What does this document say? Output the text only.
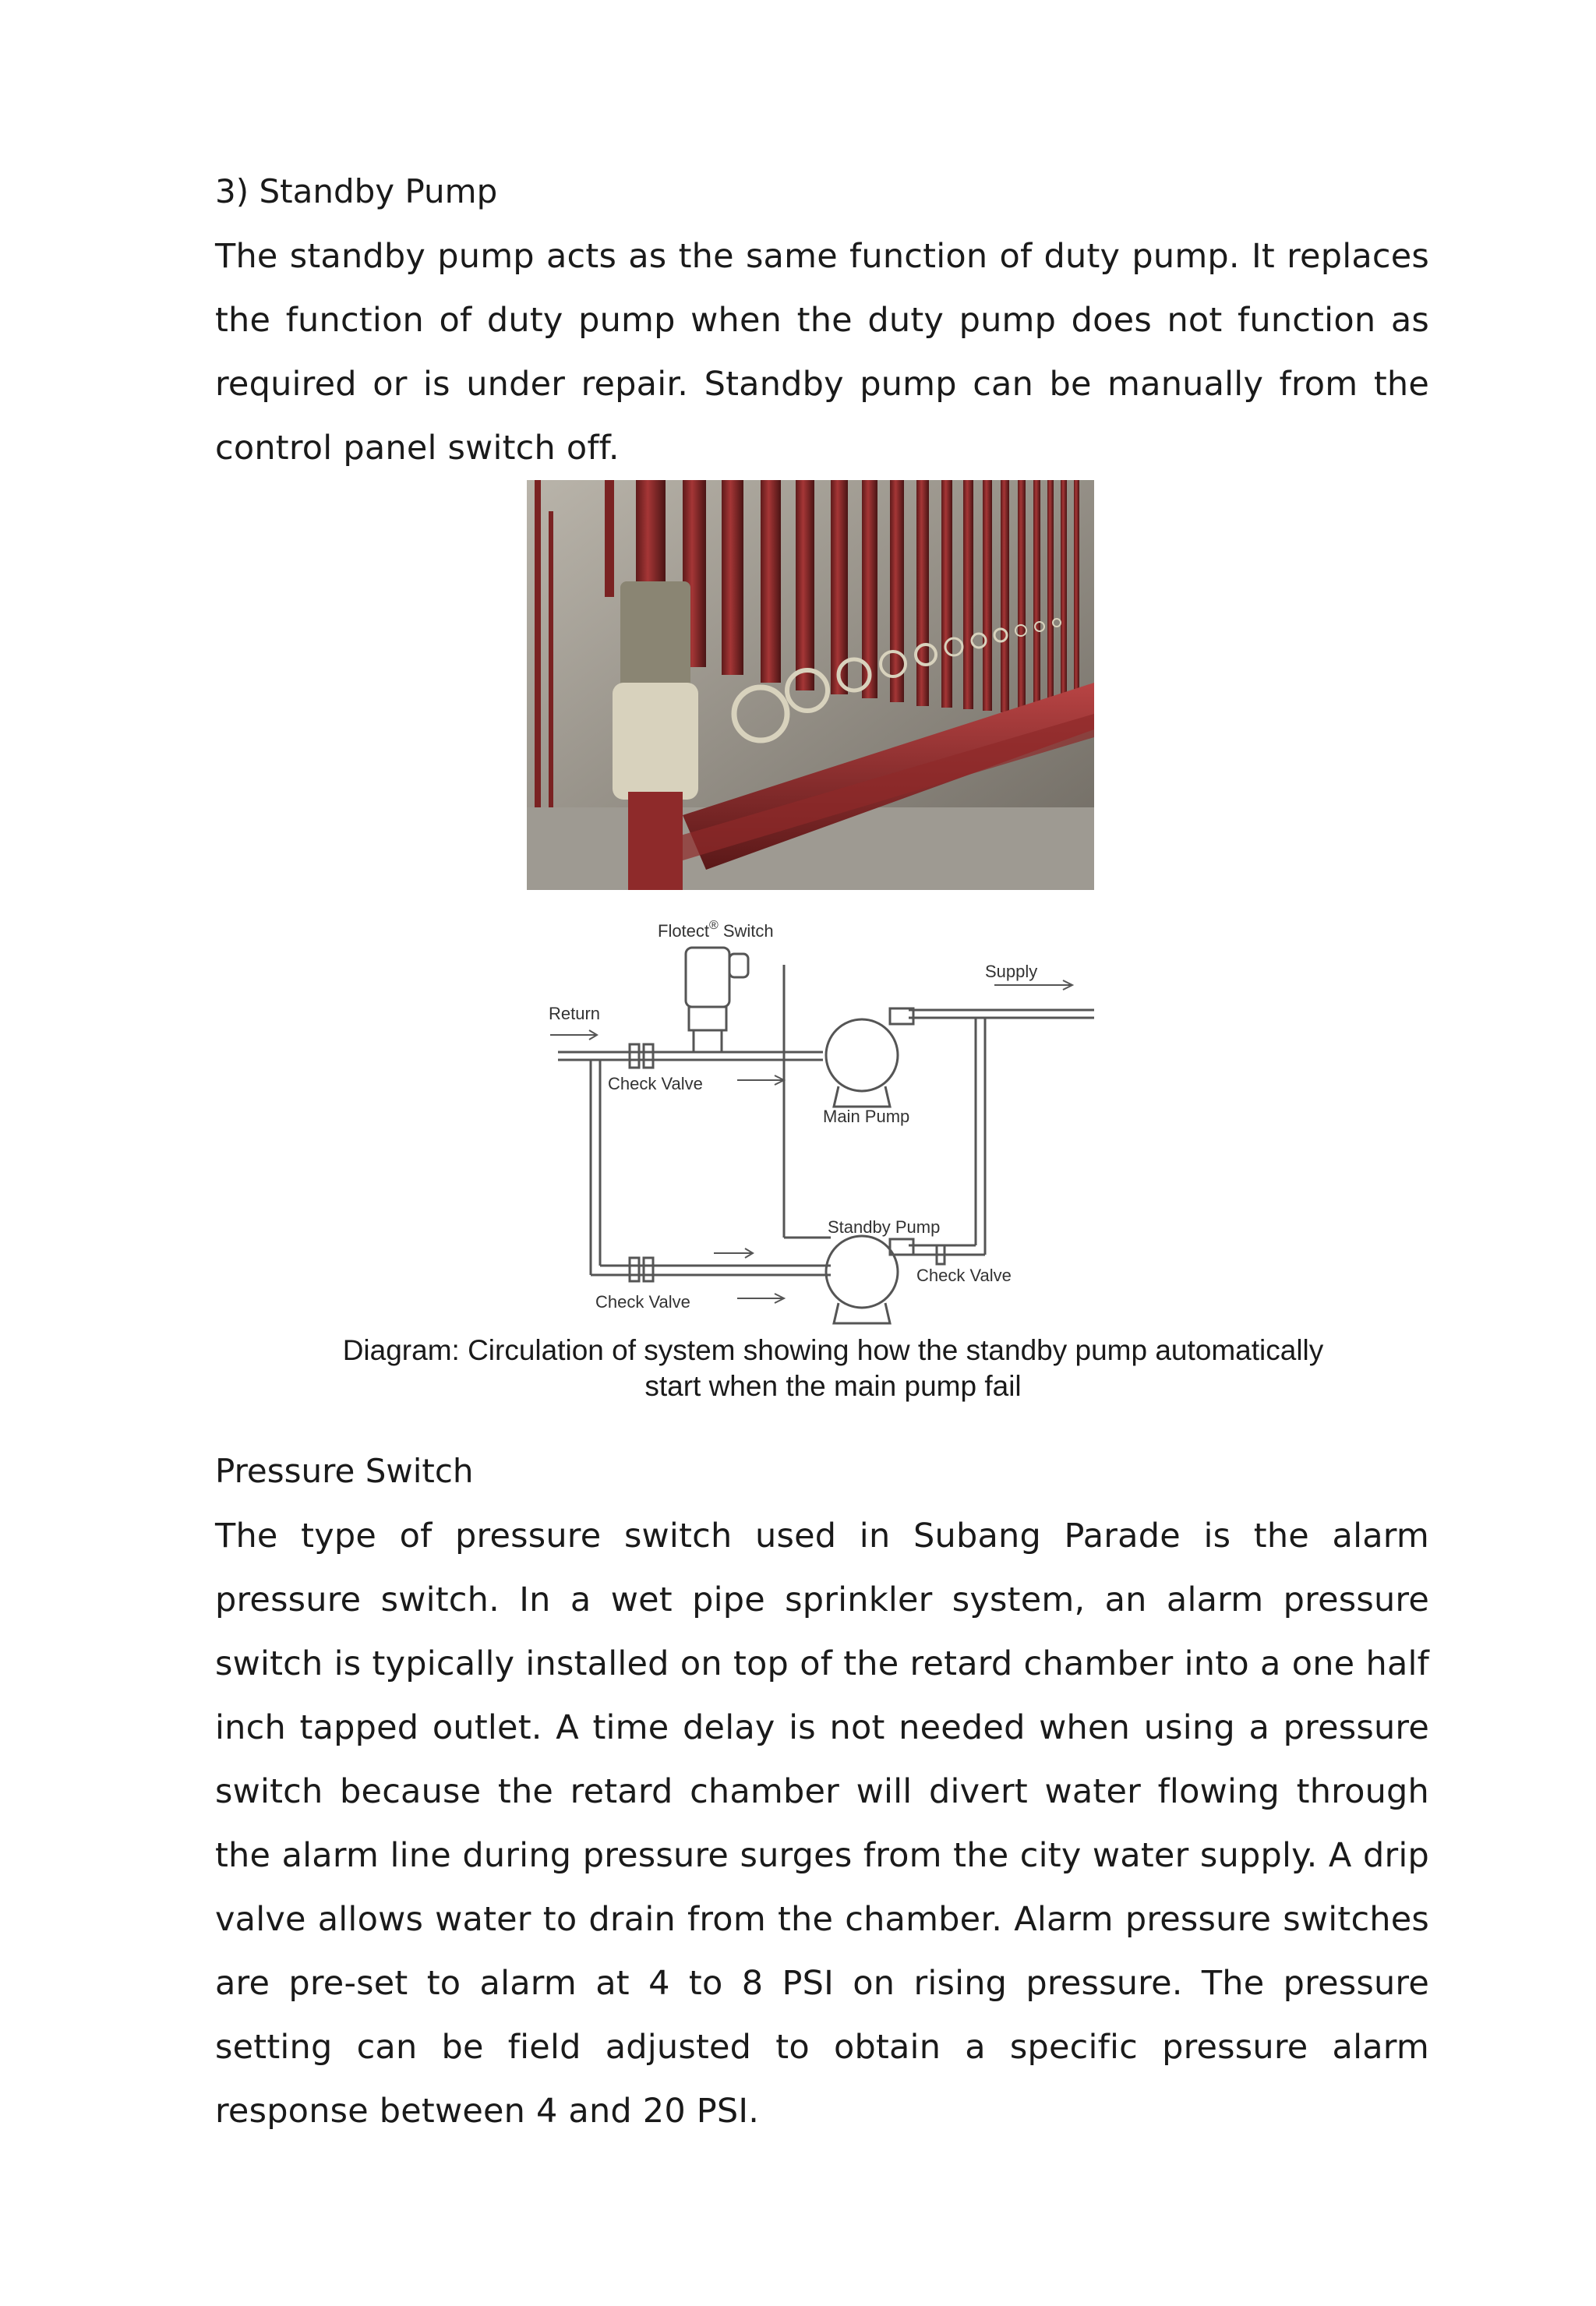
3) Standby Pump

The standby pump acts as the same function of duty pump. It replaces the function of duty pump when the duty pump does not function as required or is under repair. Standby pump can be manually from the control panel switch off.

Flotect® Switch
Return
Supply
Check Valve
Main Pump
Standby Pump
Check Valve
Check Valve

Diagram: Circulation of system showing how the standby pump automatically
start when the main pump fail

Pressure Switch

The type of pressure switch used in Subang Parade is the alarm pressure switch. In a wet pipe sprinkler system, an alarm pressure switch is typically installed on top of the retard chamber into a one half inch tapped outlet. A time delay is not needed when using a pressure switch because the retard chamber will divert water flowing through the alarm line during pressure surges from the city water supply. A drip valve allows water to drain from the chamber. Alarm pressure switches are pre-set to alarm at 4 to 8 PSI on rising pressure. The pressure setting can be field adjusted to obtain a specific pressure alarm response between 4 and 20 PSI.
